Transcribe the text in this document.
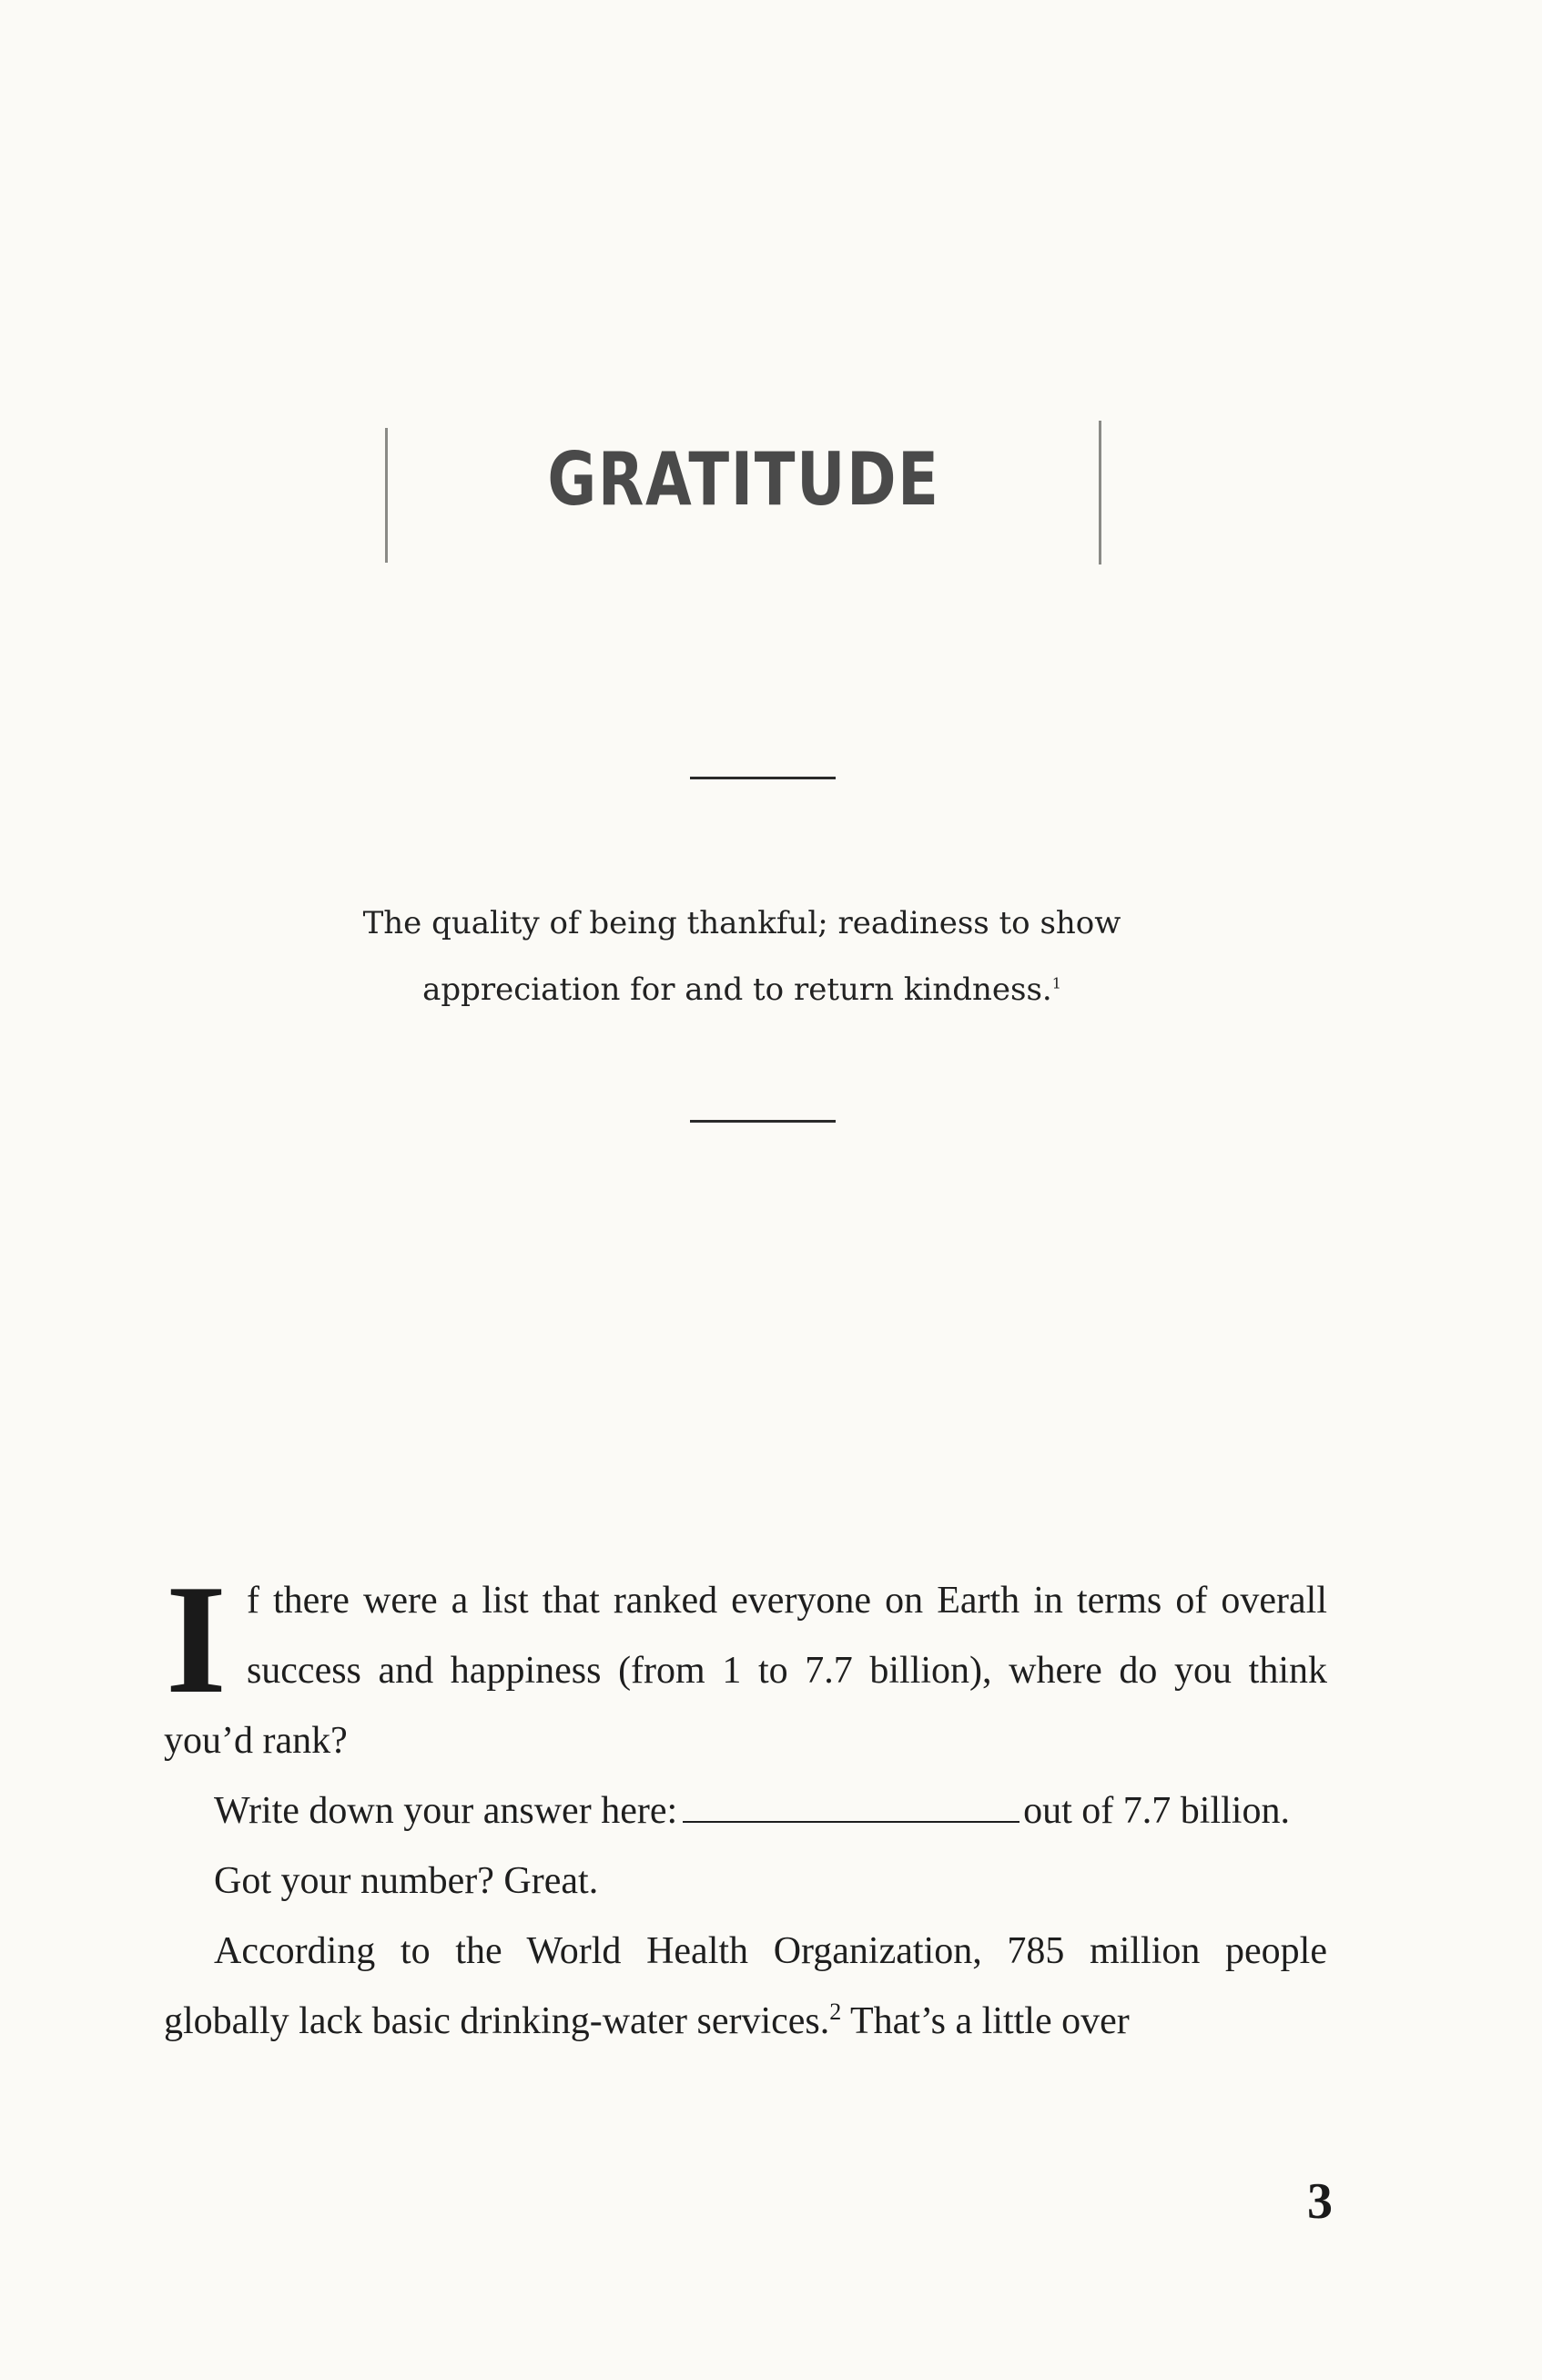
GRATITUDE
The quality of being thankful; readiness to show
appreciation for and to return kindness.$^1$

If there were a list that ranked everyone on Earth in terms of overall success and happiness (from 1 to 7.7 billion), where do you think you’d rank?

Write down your answer here:	out of 7.7 billion.

Got your number? Great.

According to the World Health Organization, 785 million people globally lack basic drinking-water services.$^2$ That’s a little over

3
